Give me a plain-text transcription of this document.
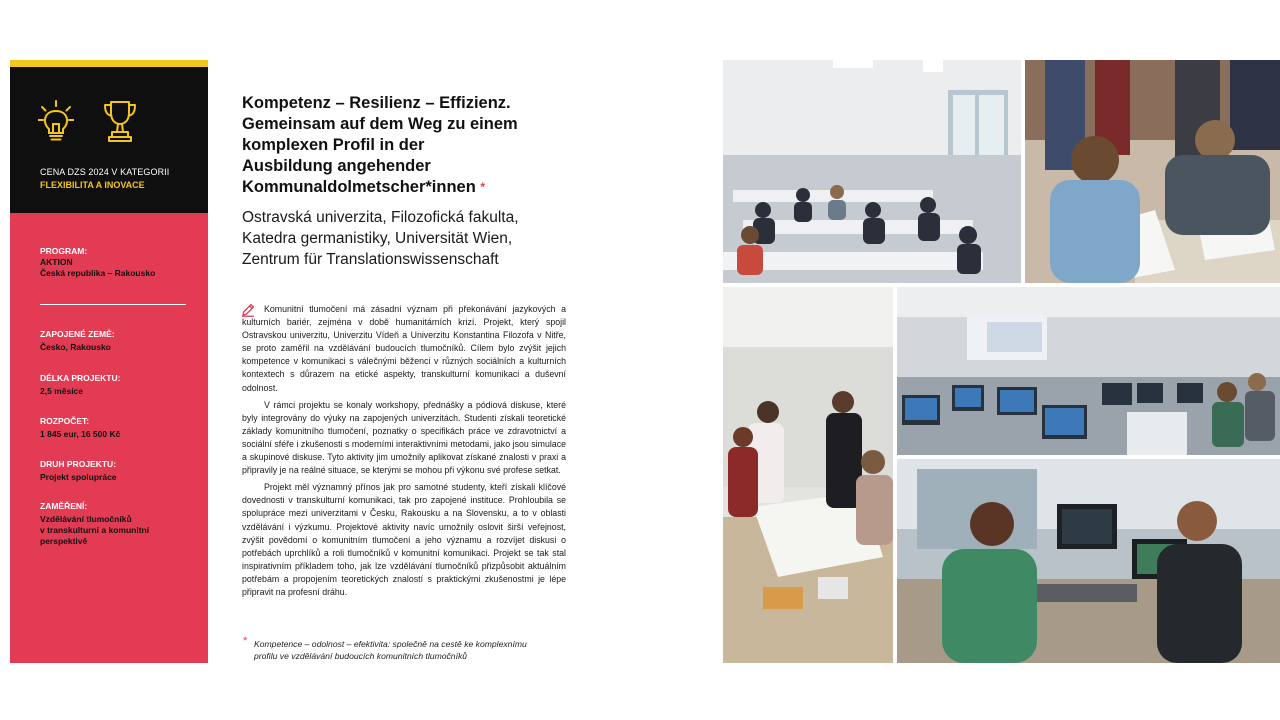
CENA DZS 2024 V KATEGORII
FLEXIBILITA A INOVACE
PROGRAM:
AKTION
Česká republika – Rakousko
ZAPOJENÉ ZEMĚ:
Česko, Rakousko
DÉLKA PROJEKTU:
2,5 měsíce
ROZPOČET:
1 845 eur, 16 500 Kč
DRUH PROJEKTU:
Projekt spolupráce
ZAMĚŘENÍ:
Vzdělávání tlumočníků
v transkulturní a komunitní
perspektivě
Kompetenz – Resilienz – Effizienz.
Gemeinsam auf dem Weg zu einem
komplexen Profil in der
Ausbildung angehender
Kommunaldolmetscher*innen *
Ostravská univerzita, Filozofická fakulta,
Katedra germanistiky, Universität Wien,
Zentrum für Translationswissenschaft

Komunitní tlumočení má zásadní význam při překonávání jazykových a kulturních bariér, zejména v době humanitárních krizí. Projekt, který spojil Ostravskou univerzitu, Univerzitu Vídeň a Univerzitu Konstantina Filozofa v Nitře, se proto zaměřil na vzdělávání budoucích tlumočníků. Cílem bylo zvýšit jejich kompetence v komunikaci s válečnými běženci v různých sociálních a kulturních kontextech s důrazem na etické aspekty, transkulturní komunikaci a duševní odolnost.

V rámci projektu se konaly workshopy, přednášky a pódiová diskuse, které byly integrovány do výuky na zapojených univerzitách. Studenti získali teoretické základy komunitního tlumočení, poznatky o specifikách práce ve zdravotnictví a sociální sféře i zkušenosti s moderními interaktivními metodami, jako jsou simulace a skupinové diskuse. Tyto aktivity jim umožnily aplikovat získané znalosti v praxi a připravily je na reálné situace, se kterými se mohou při výkonu své profese setkat.

Projekt měl významný přínos jak pro samotné studenty, kteří získali klíčové dovednosti v transkulturní komunikaci, tak pro zapojené instituce. Prohloubila se spolupráce mezi univerzitami v Česku, Rakousku a na Slovensku, a to v oblasti vzdělávání i výzkumu. Projektové aktivity navíc umožnily oslovit širší veřejnost, zvýšit povědomí o komunitním tlumočení a jeho významu a rozvíjet diskusi o potřebách uprchlíků a roli tlumočníků v komunitní komunikaci. Projekt se tak stal inspirativním příkladem toho, jak lze vzdělávání tlumočníků přizpůsobit aktuálním potřebám a propojením teoretických znalostí s praktickými zkušenostmi je lépe připravit na profesní dráhu.

* Kompetence – odolnost – efektivita: společně na cestě ke komplexnímu
profilu ve vzdělávání budoucích komunitních tlumočníků
